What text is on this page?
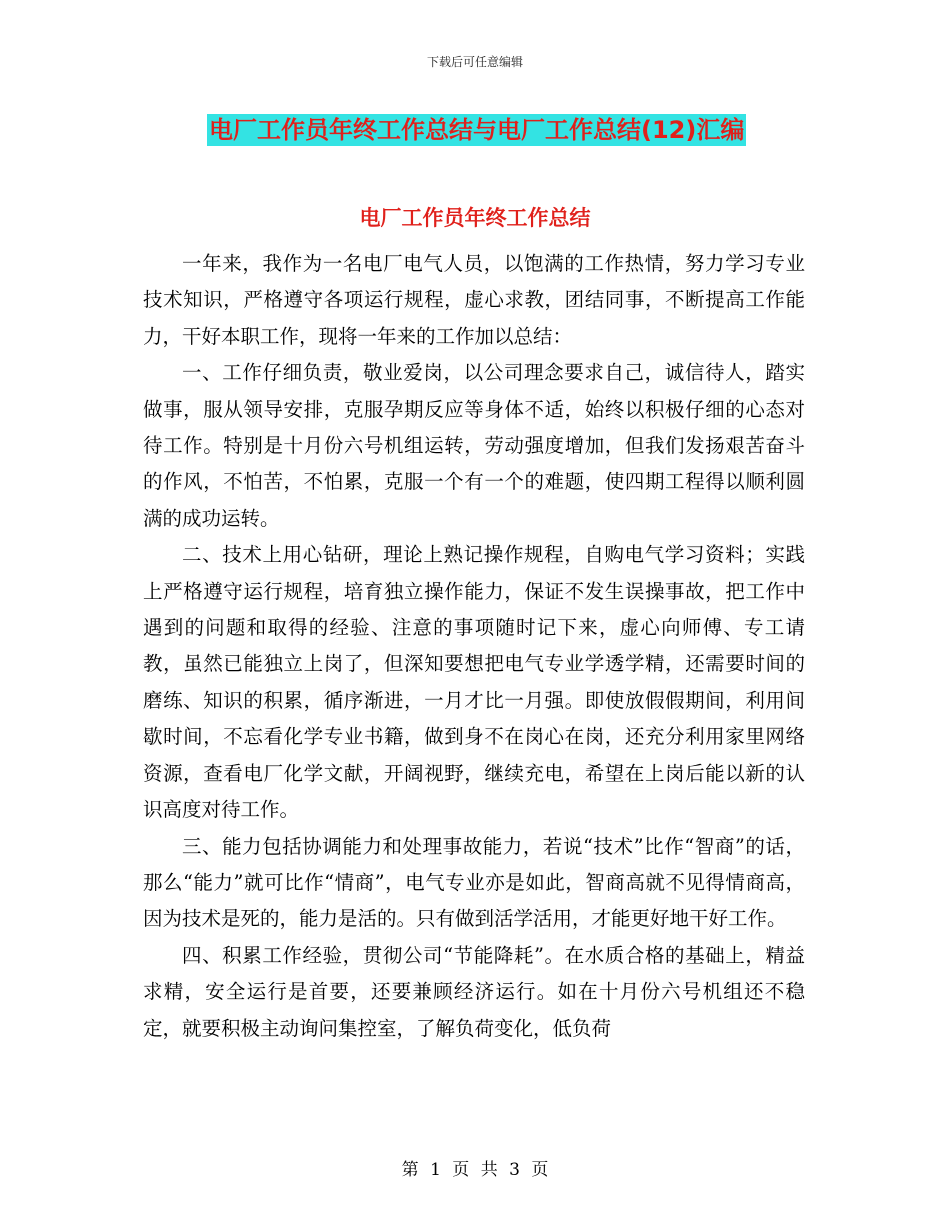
下载后可任意编辑
电厂工作员年终工作总结与电厂工作总结(12)汇编
电厂工作员年终工作总结

一年来，我作为一名电厂电气人员，以饱满的工作热情，努力学习专业技术知识，严格遵守各项运行规程，虚心求教，团结同事，不断提高工作能力，干好本职工作，现将一年来的工作加以总结：

一、工作仔细负责，敬业爱岗，以公司理念要求自己，诚信待人，踏实做事，服从领导安排，克服孕期反应等身体不适，始终以积极仔细的心态对待工作。特别是十月份六号机组运转，劳动强度增加，但我们发扬艰苦奋斗的作风，不怕苦，不怕累，克服一个有一个的难题，使四期工程得以顺利圆满的成功运转。

二、技术上用心钻研，理论上熟记操作规程，自购电气学习资料；实践上严格遵守运行规程，培育独立操作能力，保证不发生误操事故，把工作中遇到的问题和取得的经验、注意的事项随时记下来，虚心向师傅、专工请教，虽然已能独立上岗了，但深知要想把电气专业学透学精，还需要时间的磨练、知识的积累，循序渐进，一月才比一月强。即使放假假期间，利用间歇时间，不忘看化学专业书籍，做到身不在岗心在岗，还充分利用家里网络资源，查看电厂化学文献，开阔视野，继续充电，希望在上岗后能以新的认识高度对待工作。

三、能力包括协调能力和处理事故能力，若说“技术”比作“智商”的话，那么“能力”就可比作“情商”，电气专业亦是如此，智商高就不见得情商高，因为技术是死的，能力是活的。只有做到活学活用，才能更好地干好工作。

四、积累工作经验，贯彻公司“节能降耗”。在水质合格的基础上，精益求精，安全运行是首要，还要兼顾经济运行。如在十月份六号机组还不稳定，就要积极主动询问集控室，了解负荷变化，低负荷

第 1 页 共 3 页
